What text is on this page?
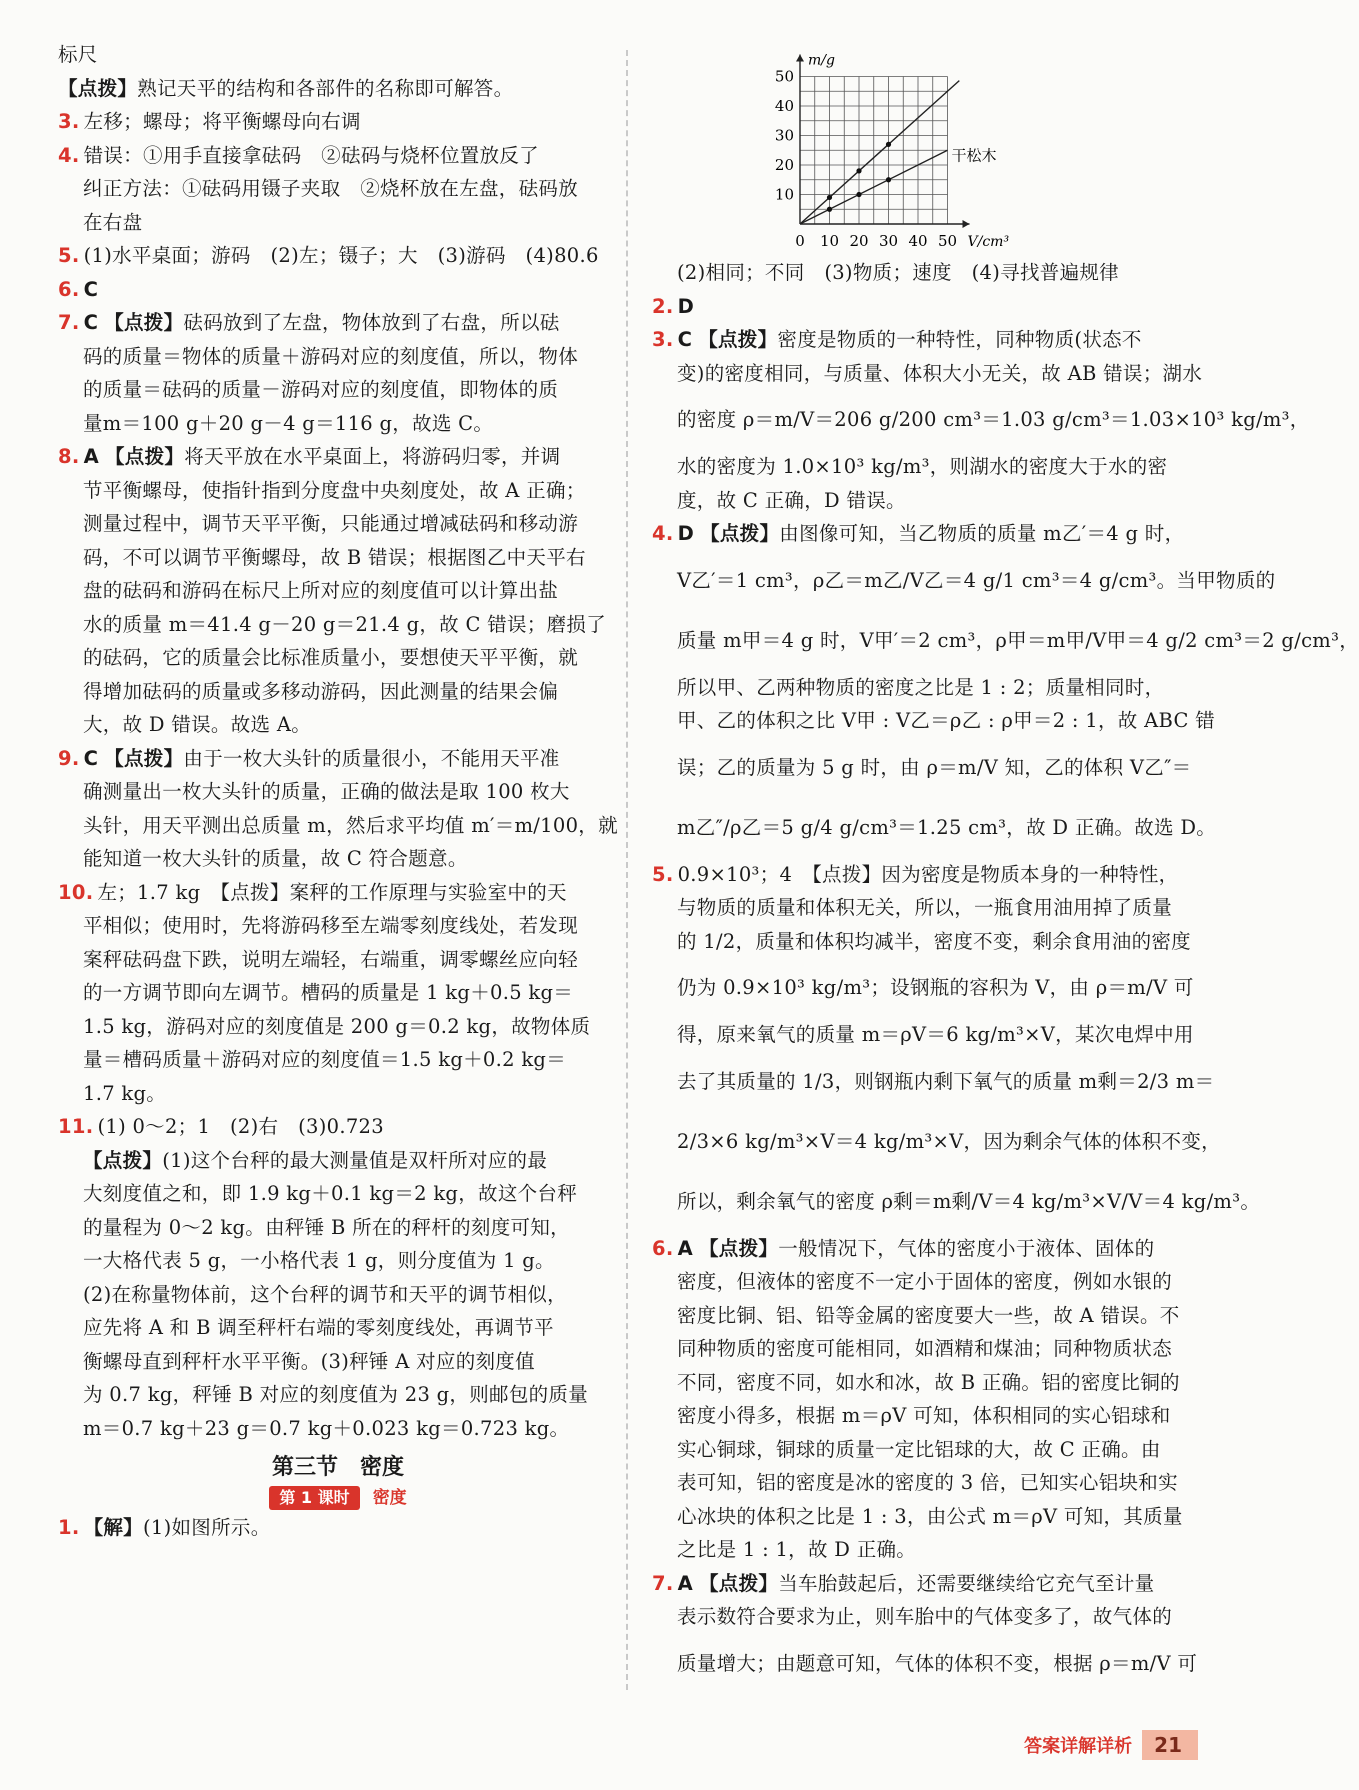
标尺
【点拨】熟记天平的结构和各部件的名称即可解答。
3. 左移；螺母；将平衡螺母向右调
4. 错误：①用手直接拿砝码　②砝码与烧杯位置放反了
纠正方法：①砝码用镊子夹取　②烧杯放在左盘，砝码放
在右盘
5. (1)水平桌面；游码　(2)左；镊子；大　(3)游码　(4)80.6
6. C
7. C 【点拨】砝码放到了左盘，物体放到了右盘，所以砝
码的质量＝物体的质量＋游码对应的刻度值，所以，物体
的质量＝砝码的质量－游码对应的刻度值，即物体的质
量m＝100 g＋20 g－4 g＝116 g，故选 C。
8. A 【点拨】将天平放在水平桌面上，将游码归零，并调
节平衡螺母，使指针指到分度盘中央刻度处，故 A 正确；
测量过程中，调节天平平衡，只能通过增减砝码和移动游
码，不可以调节平衡螺母，故 B 错误；根据图乙中天平右
盘的砝码和游码在标尺上所对应的刻度值可以计算出盐
水的质量 m＝41.4 g－20 g＝21.4 g，故 C 错误；磨损了
的砝码，它的质量会比标准质量小，要想使天平平衡，就
得增加砝码的质量或多移动游码，因此测量的结果会偏
大，故 D 错误。故选 A。
9. C 【点拨】由于一枚大头针的质量很小，不能用天平准
确测量出一枚大头针的质量，正确的做法是取 100 枚大
头针，用天平测出总质量 m，然后求平均值 m′＝m/100，就
能知道一枚大头针的质量，故 C 符合题意。
10. 左；1.7 kg　【点拨】案秤的工作原理与实验室中的天
平相似；使用时，先将游码移至左端零刻度线处，若发现
案秤砝码盘下跌，说明左端轻，右端重，调零螺丝应向轻
的一方调节即向左调节。槽码的质量是 1 kg＋0.5 kg＝
1.5 kg，游码对应的刻度值是 200 g＝0.2 kg，故物体质
量＝槽码质量＋游码对应的刻度值＝1.5 kg＋0.2 kg＝
1.7 kg。
11. (1) 0～2；1　(2)右　(3)0.723
【点拨】(1)这个台秤的最大测量值是双杆所对应的最
大刻度值之和，即 1.9 kg＋0.1 kg＝2 kg，故这个台秤
的量程为 0～2 kg。由秤锤 B 所在的秤杆的刻度可知，
一大格代表 5 g，一小格代表 1 g，则分度值为 1 g。
(2)在称量物体前，这个台秤的调节和天平的调节相似，
应先将 A 和 B 调至秤杆右端的零刻度线处，再调节平
衡螺母直到秤杆水平平衡。(3)秤锤 A 对应的刻度值
为 0.7 kg，秤锤 B 对应的刻度值为 23 g，则邮包的质量
m＝0.7 kg＋23 g＝0.7 kg＋0.023 kg＝0.723 kg。
第三节　密度
第 1 课时 密度
1. 【解】(1)如图所示。
0 10 20 30 40 50
10
20
30
40
50
V/cm³
m/g
干松木
(2)相同；不同　(3)物质；速度　(4)寻找普遍规律
2. D
3. C 【点拨】密度是物质的一种特性，同种物质(状态不
变)的密度相同，与质量、体积大小无关，故 AB 错误；湖水
的密度 ρ＝m/V＝206 g/200 cm³＝1.03 g/cm³＝1.03×10³ kg/m³，
水的密度为 1.0×10³ kg/m³，则湖水的密度大于水的密
度，故 C 正确，D 错误。
4. D 【点拨】由图像可知，当乙物质的质量 m乙′＝4 g 时，
V乙′＝1 cm³，ρ乙＝m乙/V乙＝4 g/1 cm³＝4 g/cm³。当甲物质的
质量 m甲＝4 g 时，V甲′＝2 cm³，ρ甲＝m甲/V甲＝4 g/2 cm³＝2 g/cm³，
所以甲、乙两种物质的密度之比是 1 : 2；质量相同时，
甲、乙的体积之比 V甲 : V乙＝ρ乙 : ρ甲＝2 : 1，故 ABC 错
误；乙的质量为 5 g 时，由 ρ＝m/V 知，乙的体积 V乙″＝
m乙″/ρ乙＝5 g/4 g/cm³＝1.25 cm³，故 D 正确。故选 D。
5. 0.9×10³；4　【点拨】因为密度是物质本身的一种特性，
与物质的质量和体积无关，所以，一瓶食用油用掉了质量
的 1/2，质量和体积均减半，密度不变，剩余食用油的密度
仍为 0.9×10³ kg/m³；设钢瓶的容积为 V，由 ρ＝m/V 可
得，原来氧气的质量 m＝ρV＝6 kg/m³×V，某次电焊中用
去了其质量的 1/3，则钢瓶内剩下氧气的质量 m剩＝2/3 m＝
2/3×6 kg/m³×V＝4 kg/m³×V，因为剩余气体的体积不变，
所以，剩余氧气的密度 ρ剩＝m剩/V＝4 kg/m³×V/V＝4 kg/m³。
6. A 【点拨】一般情况下，气体的密度小于液体、固体的
密度，但液体的密度不一定小于固体的密度，例如水银的
密度比铜、铝、铅等金属的密度要大一些，故 A 错误。不
同种物质的密度可能相同，如酒精和煤油；同种物质状态
不同，密度不同，如水和冰，故 B 正确。铝的密度比铜的
密度小得多，根据 m＝ρV 可知，体积相同的实心铝球和
实心铜球，铜球的质量一定比铝球的大，故 C 正确。由
表可知，铝的密度是冰的密度的 3 倍，已知实心铝块和实
心冰块的体积之比是 1 : 3，由公式 m＝ρV 可知，其质量
之比是 1 : 1，故 D 正确。
7. A 【点拨】当车胎鼓起后，还需要继续给它充气至计量
表示数符合要求为止，则车胎中的气体变多了，故气体的
质量增大；由题意可知，气体的体积不变，根据 ρ＝m/V 可
答案详解详析	21
